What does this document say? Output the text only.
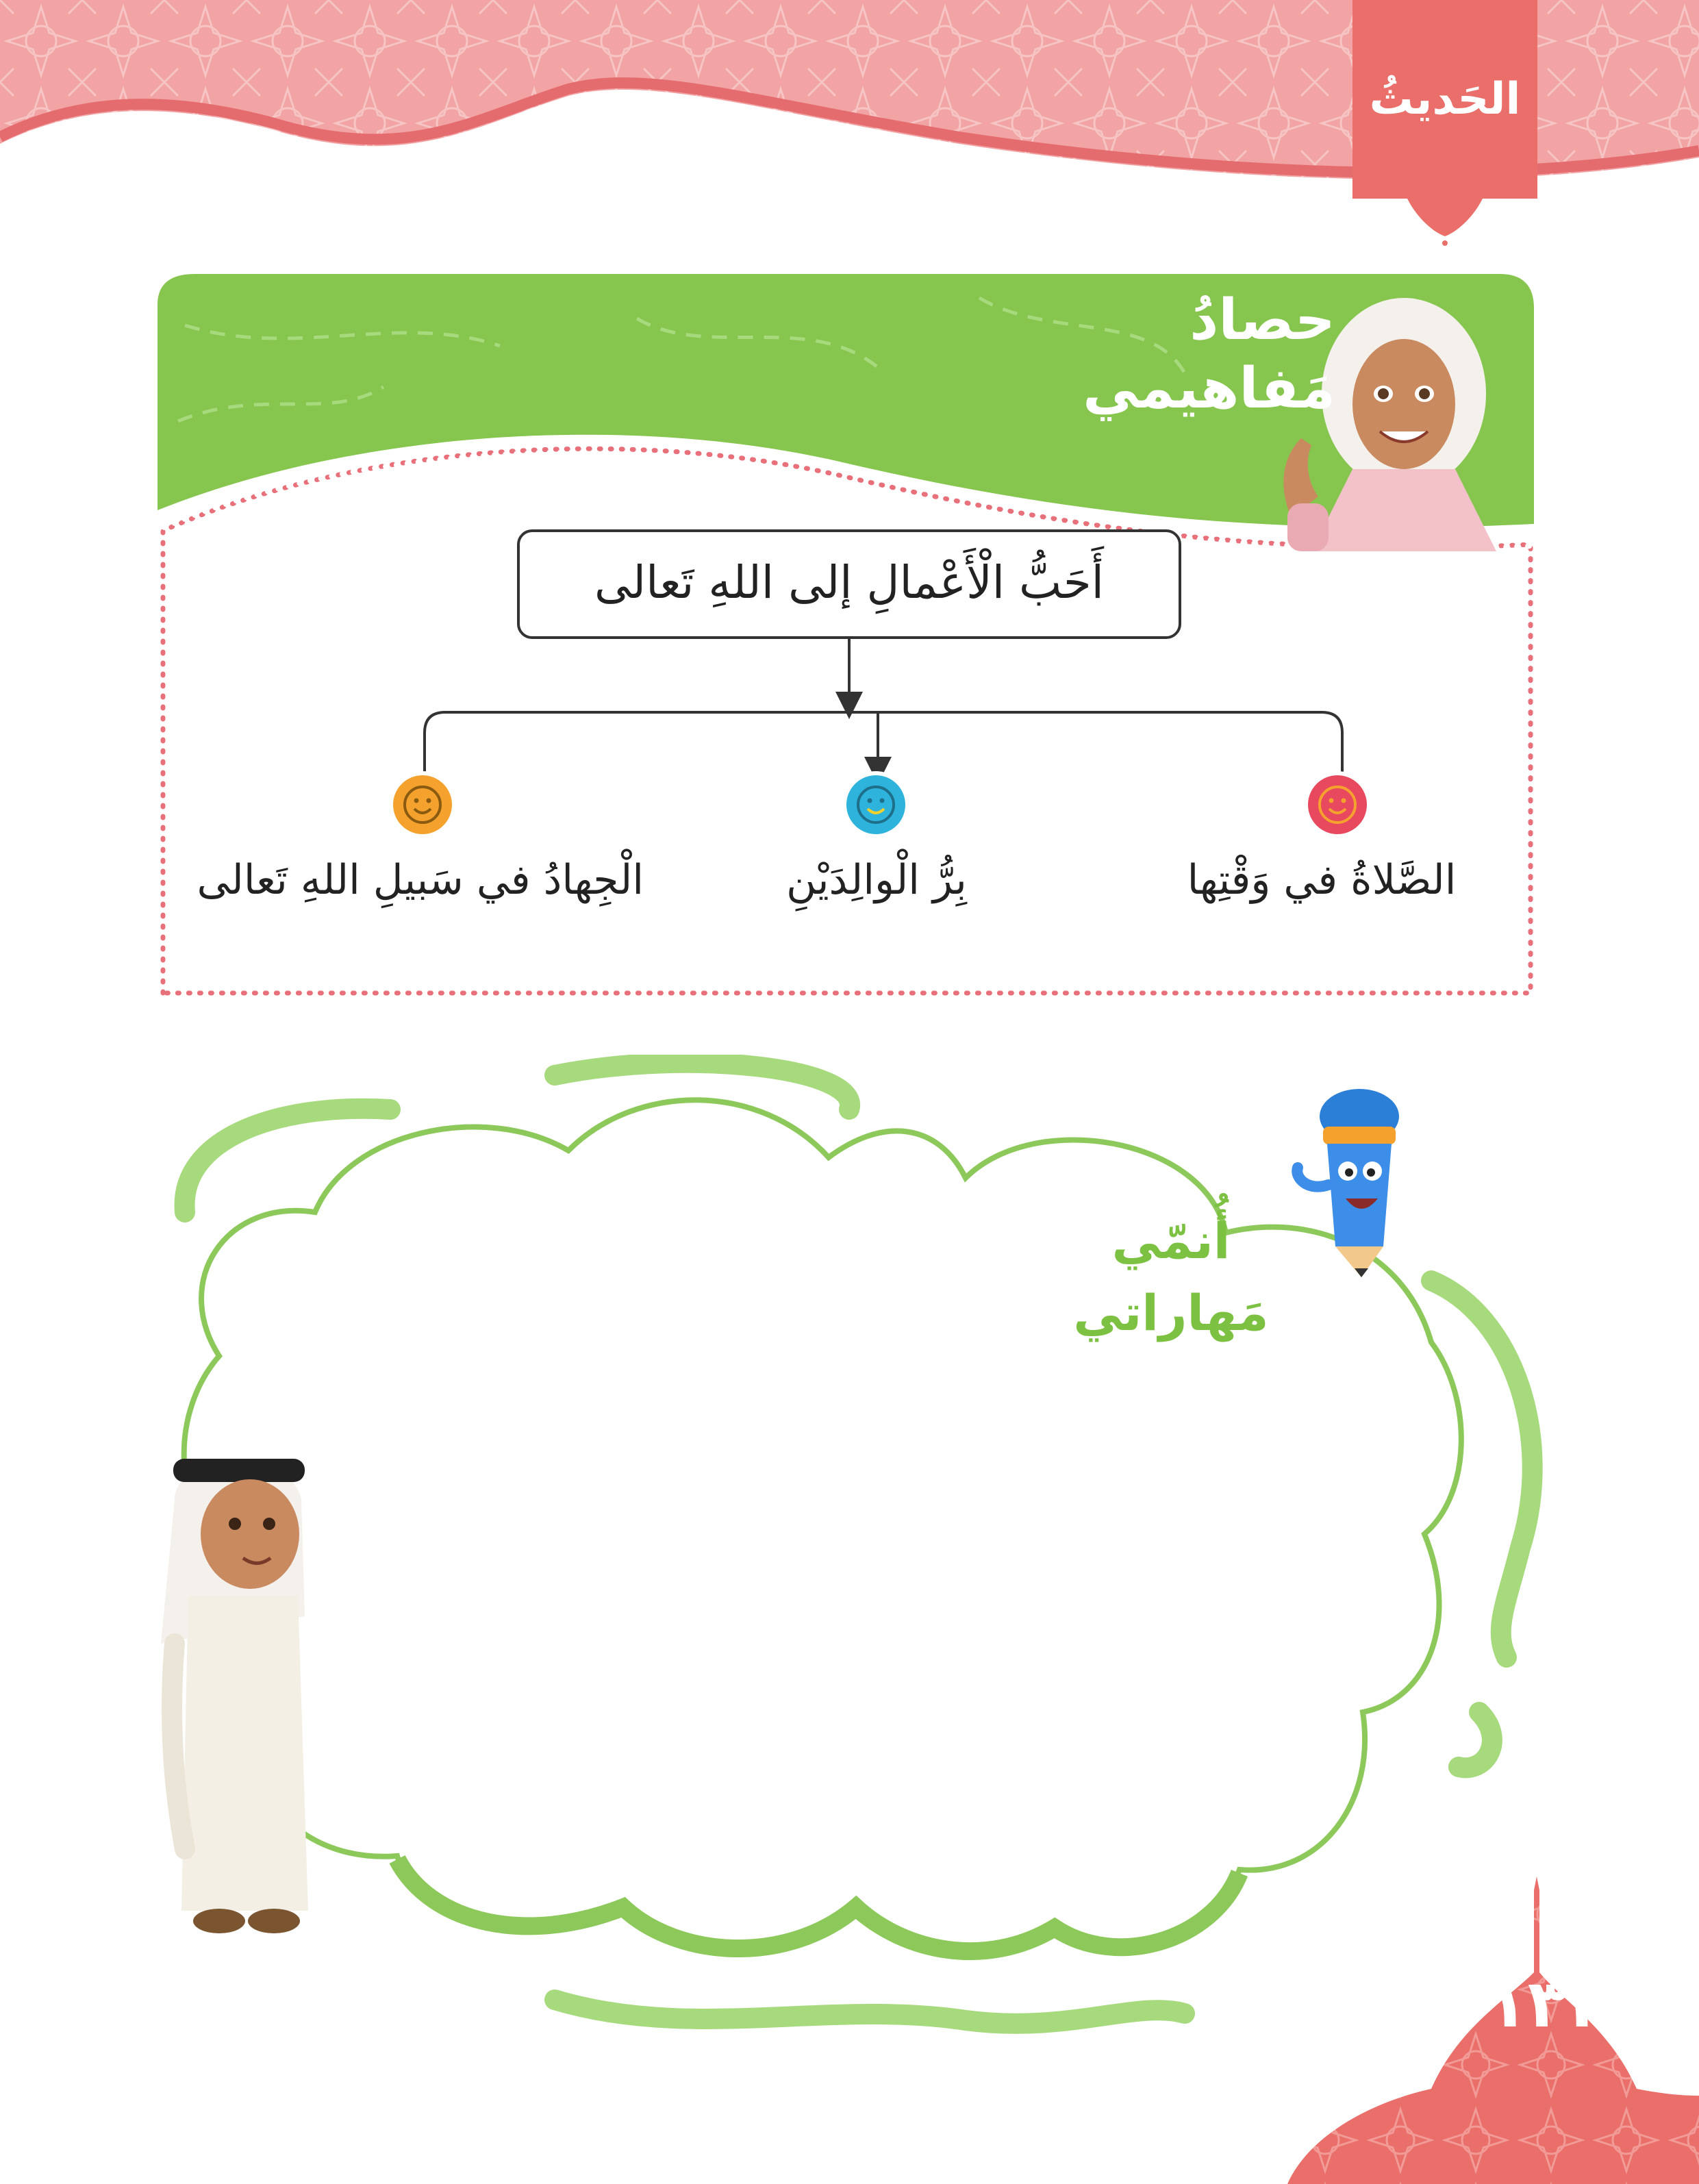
الحَديثُ
حصادُ
مَفاهيمي
أَحَبُّ الْأَعْمالِ إلى اللهِ تَعالى
الصَّلاةُ في وَقْتِها
بِرُّ الْوالِدَيْنِ
الْجِهادُ في سَبيلِ اللهِ تَعالى
أُنمّي
مَهاراتي
١٣٢
